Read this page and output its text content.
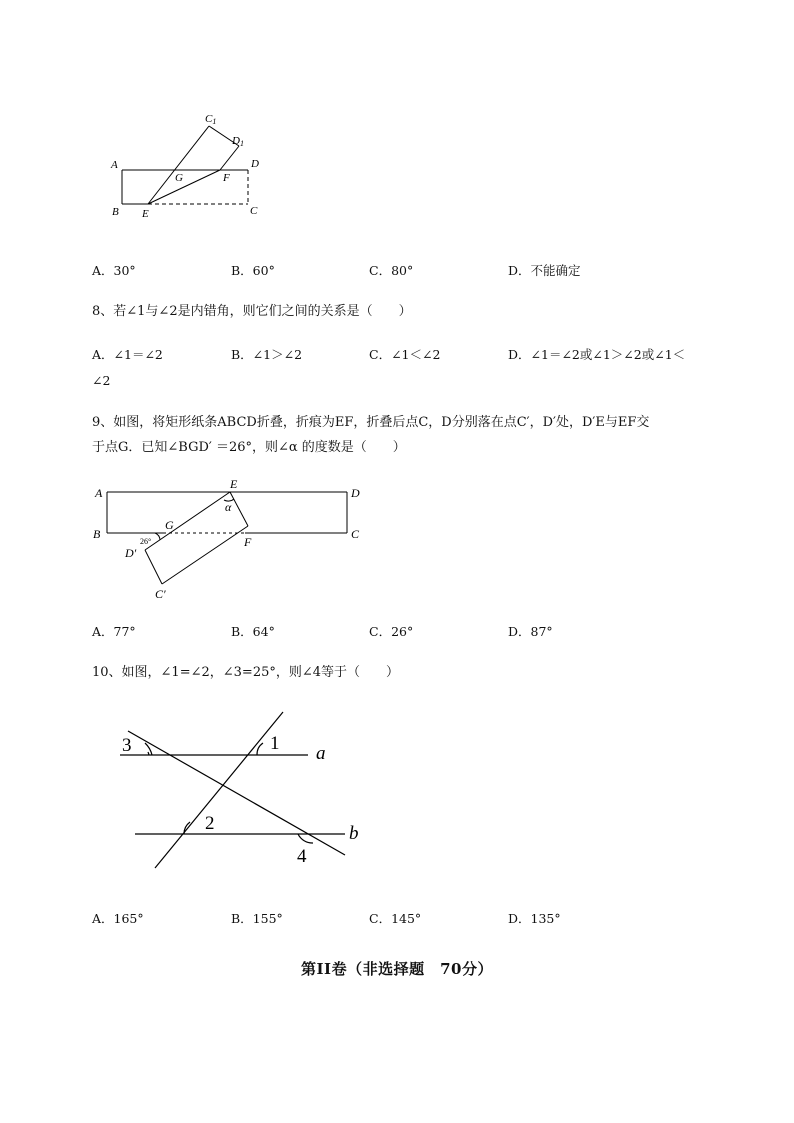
A
B E	C
D
G	F
C1
D1
A．30°	B．60°	C．80°	D．不能确定
8、若∠1与∠2是内错角，则它们之间的关系是（　　）
A．∠1＝∠2	B．∠1＞∠2	C．∠1＜∠2	D．∠1＝∠2或∠1＞∠2或∠1＜
∠2
9、如图，将矩形纸条ABCD折叠，折痕为EF，折叠后点C，D分别落在点C′，D′处，D′E与EF交
于点G．已知∠BGD′ ＝26°，则∠α 的度数是（　　）
A
B
D
C
E
F
G
D′
C′
α
26°
A．77°	B．64°	C．26°	D．87°
10、如图，∠1=∠2，∠3=25°，则∠4等于（　　）
3	1 a
2	b
4
A．165°	B．155°	C．145°	D．135°
第II卷（非选择题　70分）
